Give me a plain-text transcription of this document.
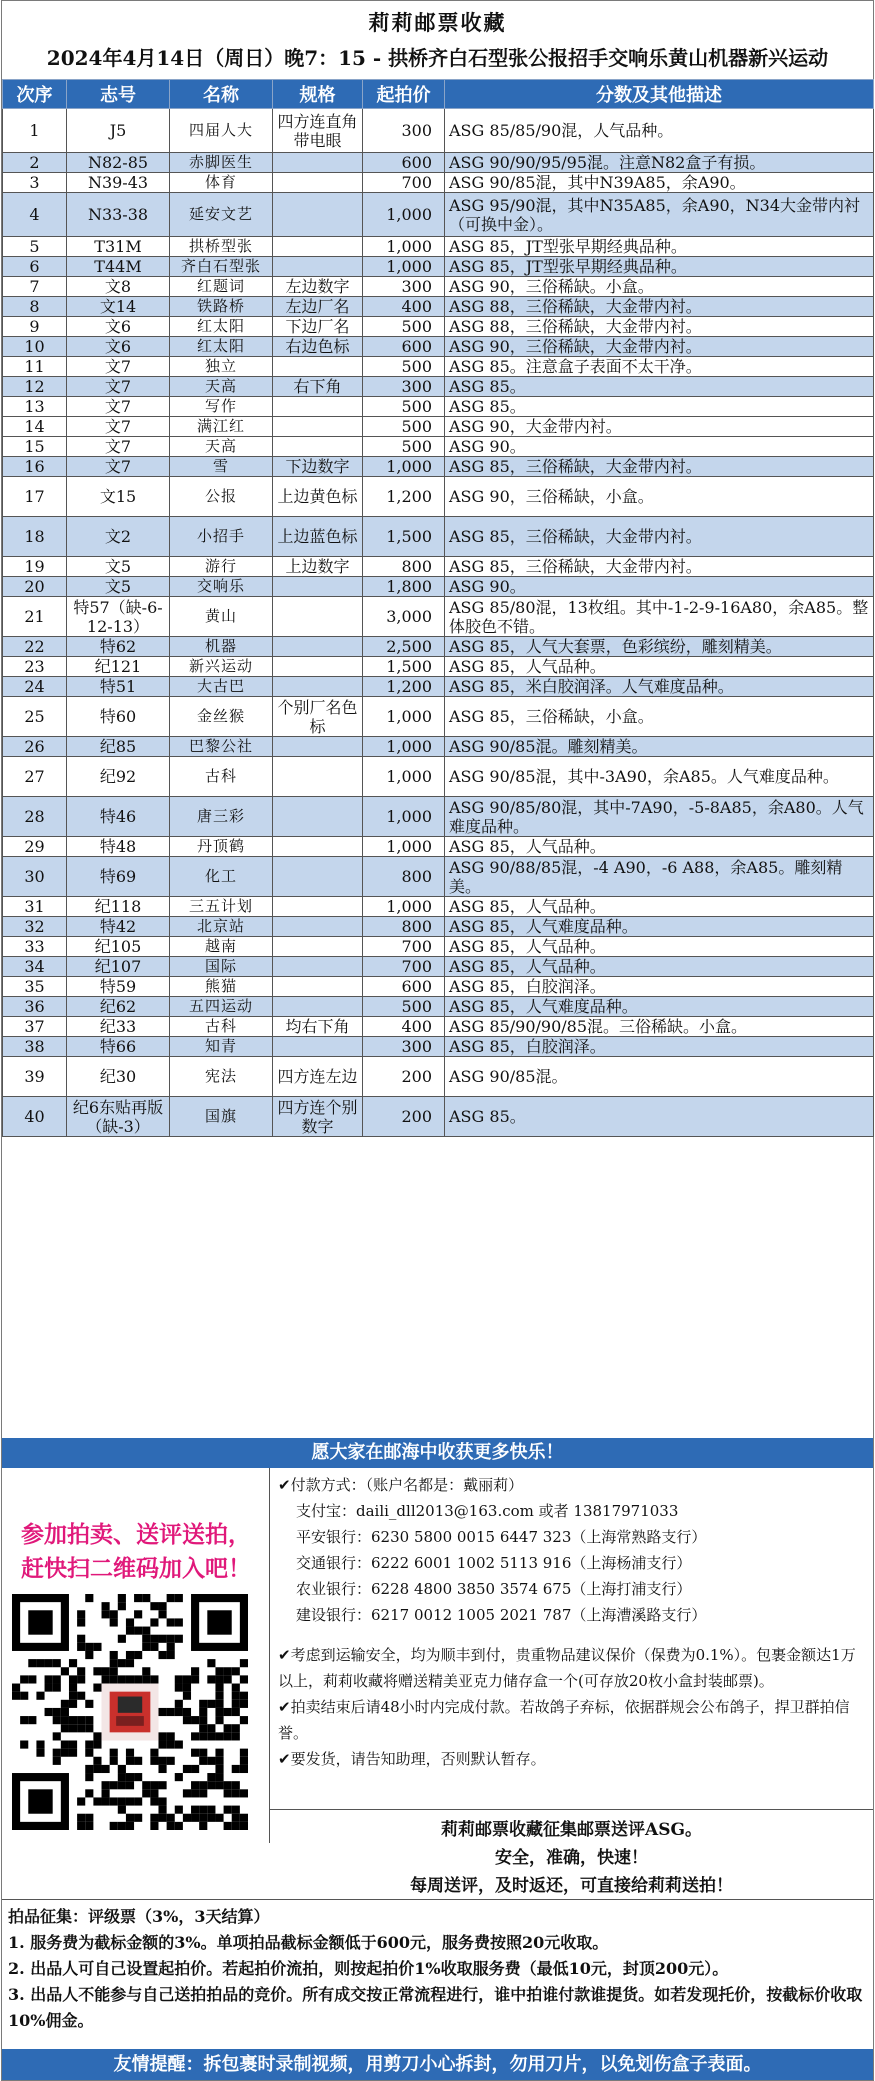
莉莉邮票收藏
2024年4月14日（周日）晚7：15 - 拱桥齐白石型张公报招手交响乐黄山机器新兴运动
次序	志号	名称	规格	起拍价	分数及其他描述
1	J5	四届人大	四方连直角带电眼	300	ASG 85/85/90混，人气品种。
2	N82-85	赤脚医生		600	ASG 90/90/95/95混。注意N82盒子有损。
3	N39-43	体育		700	ASG 90/85混，其中N39A85，余A90。
4	N33-38	延安文艺		1,000	ASG 95/90混，其中N35A85，余A90，N34大金带内衬（可换中金）。
5	T31M	拱桥型张		1,000	ASG 85，JT型张早期经典品种。
6	T44M	齐白石型张		1,000	ASG 85，JT型张早期经典品种。
7	文8	红题词	左边数字	300	ASG 90，三俗稀缺。小盒。
8	文14	铁路桥	左边厂名	400	ASG 88，三俗稀缺，大金带内衬。
9	文6	红太阳	下边厂名	500	ASG 88，三俗稀缺，大金带内衬。
10	文6	红太阳	右边色标	600	ASG 90，三俗稀缺，大金带内衬。
11	文7	独立		500	ASG 85。注意盒子表面不太干净。
12	文7	天高	右下角	300	ASG 85。
13	文7	写作		500	ASG 85。
14	文7	满江红		500	ASG 90，大金带内衬。
15	文7	天高		500	ASG 90。
16	文7	雪	下边数字	1,000	ASG 85，三俗稀缺，大金带内衬。
17	文15	公报	上边黄色标	1,200	ASG 90，三俗稀缺，小盒。
18	文2	小招手	上边蓝色标	1,500	ASG 85，三俗稀缺，大金带内衬。
19	文5	游行	上边数字	800	ASG 85，三俗稀缺，大金带内衬。
20	文5	交响乐		1,800	ASG 90。
21	特57（缺-6-12-13）	黄山		3,000	ASG 85/80混，13枚组。其中-1-2-9-16A80，余A85。整体胶色不错。
22	特62	机器		2,500	ASG 85，人气大套票，色彩缤纷，雕刻精美。
23	纪121	新兴运动		1,500	ASG 85，人气品种。
24	特51	大古巴		1,200	ASG 85，米白胶润泽。人气难度品种。
25	特60	金丝猴	个别厂名色标	1,000	ASG 85，三俗稀缺，小盒。
26	纪85	巴黎公社		1,000	ASG 90/85混。雕刻精美。
27	纪92	古科		1,000	ASG 90/85混，其中-3A90，余A85。人气难度品种。
28	特46	唐三彩		1,000	ASG 90/85/80混，其中-7A90，-5-8A85，余A80。人气难度品种。
29	特48	丹顶鹤		1,000	ASG 85，人气品种。
30	特69	化工		800	ASG 90/88/85混，-4 A90，-6 A88，余A85。雕刻精美。
31	纪118	三五计划		1,000	ASG 85，人气品种。
32	特42	北京站		800	ASG 85，人气难度品种。
33	纪105	越南		700	ASG 85，人气品种。
34	纪107	国际		700	ASG 85，人气品种。
35	特59	熊猫		600	ASG 85，白胶润泽。
36	纪62	五四运动		500	ASG 85，人气难度品种。
37	纪33	古科	均右下角	400	ASG 85/90/90/85混。三俗稀缺。小盒。
38	特66	知青		300	ASG 85，白胶润泽。
39	纪30	宪法	四方连左边	200	ASG 90/85混。
40	纪6东贴再版（缺-3）	国旗	四方连个别数字	200	ASG 85。
愿大家在邮海中收获更多快乐！
参加拍卖、送评送拍，
赶快扫二维码加入吧！
✔付款方式：（账户名都是：戴丽莉）
支付宝：daili_dll2013@163.com 或者 13817971033
平安银行：6230 5800 0015 6447 323（上海常熟路支行）
交通银行：6222 6001 1002 5113 916（上海杨浦支行）
农业银行：6228 4800 3850 3574 675（上海打浦支行）
建设银行：6217 0012 1005 2021 787（上海漕溪路支行）
✔考虑到运输安全，均为顺丰到付，贵重物品建议保价（保费为0.1%）。包裹金额达1万以上，莉莉收藏将赠送精美亚克力储存盒一个(可存放20枚小盒封装邮票)。
✔拍卖结束后请48小时内完成付款。若故鸽子弃标，依据群规会公布鸽子，捍卫群拍信誉。
✔要发货，请告知助理，否则默认暂存。
莉莉邮票收藏征集邮票送评ASG。
安全，准确，快速！
每周送评，及时返还，可直接给莉莉送拍！
拍品征集：评级票（3%，3天结算）
1. 服务费为截标金额的3%。单项拍品截标金额低于600元，服务费按照20元收取。
2. 出品人可自己设置起拍价。若起拍价流拍，则按起拍价1%收取服务费（最低10元，封顶200元）。
3. 出品人不能参与自己送拍拍品的竞价。所有成交按正常流程进行，谁中拍谁付款谁提货。如若发现托价，按截标价收取10%佣金。
友情提醒：拆包裹时录制视频，用剪刀小心拆封，勿用刀片，以免划伤盒子表面。
